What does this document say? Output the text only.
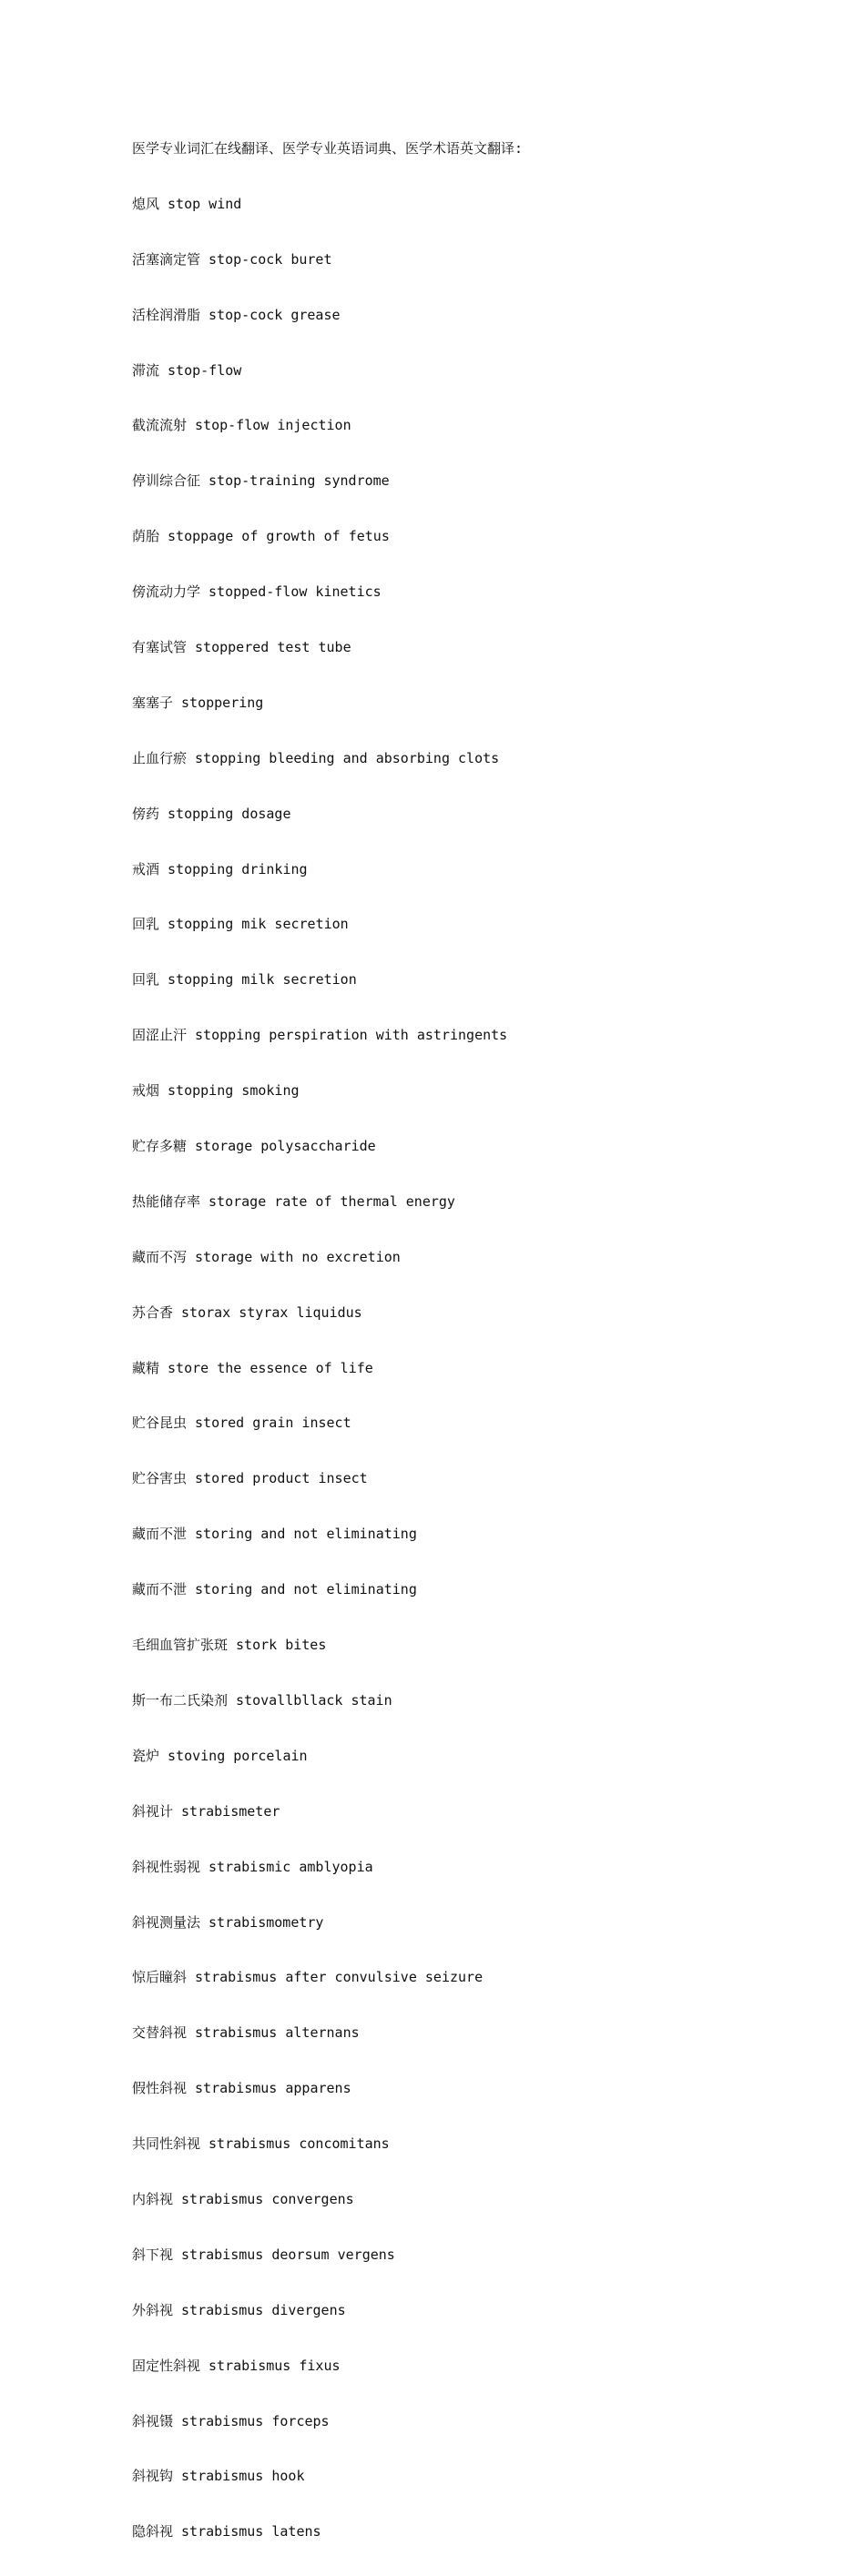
医学专业词汇在线翻译、医学专业英语词典、医学术语英文翻译:

熄风 stop wind

活塞滴定管 stop-cock buret

活栓润滑脂 stop-cock grease

滞流 stop-flow

截流流射 stop-flow injection

停训综合征 stop-training syndrome

荫胎 stoppage of growth of fetus

傍流动力学 stopped-flow kinetics

有塞试管 stoppered test tube

塞塞子 stoppering

止血行瘀 stopping bleeding and absorbing clots

傍药 stopping dosage

戒酒 stopping drinking

回乳 stopping mik secretion

回乳 stopping milk secretion

固涩止汗 stopping perspiration with astringents

戒烟 stopping smoking

贮存多糖 storage polysaccharide

热能储存率 storage rate of thermal energy

藏而不泻 storage with no excretion

苏合香 storax styrax liquidus

藏精 store the essence of life

贮谷昆虫 stored grain insect

贮谷害虫 stored product insect

藏而不泄 storing and not eliminating

藏而不泄 storing and not eliminating

毛细血管扩张斑 stork bites

斯一布二氏染剂 stovallbllack stain

瓷炉 stoving porcelain

斜视计 strabismeter

斜视性弱视 strabismic amblyopia

斜视测量法 strabismometry

惊后瞳斜 strabismus after convulsive seizure

交替斜视 strabismus alternans

假性斜视 strabismus apparens

共同性斜视 strabismus concomitans

内斜视 strabismus convergens

斜下视 strabismus deorsum vergens

外斜视 strabismus divergens

固定性斜视 strabismus fixus

斜视镊 strabismus forceps

斜视钩 strabismus hook

隐斜视 strabismus latens
